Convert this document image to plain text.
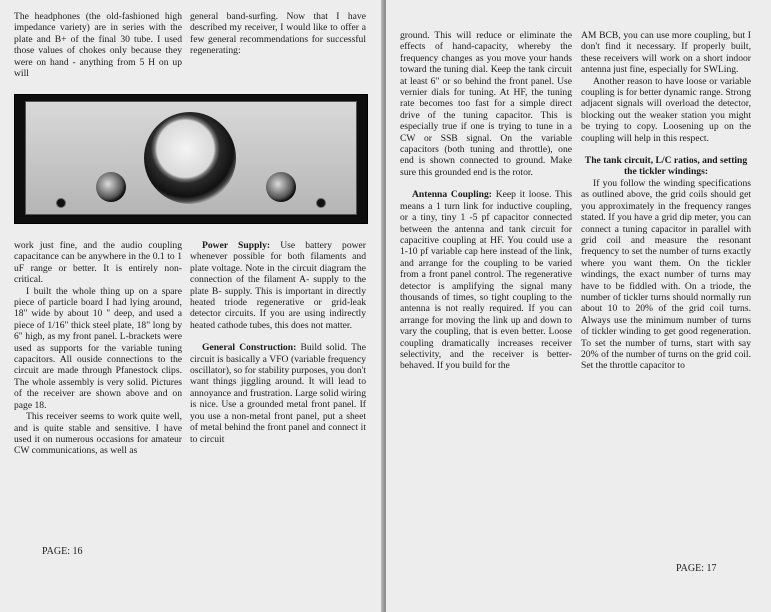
The headphones (the old-fashioned high impedance variety) are in series with the plate and B+ of the final 30 tube. I used those values of chokes only because they were on hand - anything from 5 H on up will

general band-surfing. Now that I have described my receiver, I would like to offer a few general recommendations for successful regenerating:

work just fine, and the audio coupling capacitance can be anywhere in the 0.1 to 1 uF range or better. It is entirely non-critical.

I built the whole thing up on a spare piece of particle board I had lying around, 18" wide by about 10 " deep, and used a piece of 1/16" thick steel plate, 18" long by 6" high, as my front panel. L-brackets were used as supports for the variable tuning capacitors. All ouside connections to the circuit are made through Pfanestock clips. The whole assembly is very solid. Pictures of the receiver are shown above and on page 18.

This receiver seems to work quite well, and is quite stable and sensitive. I have used it on numerous occasions for amateur CW communications, as well as

Power Supply: Use battery power whenever possible for both filaments and plate voltage. Note in the circuit diagram the connection of the filament A- supply to the plate B- supply. This is important in directly heated triode regenerative or grid-leak detector circuits. If you are using indirectly heated cathode tubes, this does not matter.

General Construction: Build solid. The circuit is basically a VFO (variable frequency oscillator), so for stability purposes, you don't want things jiggling around. It will lead to annoyance and frustration. Large solid wiring is nice. Use a grounded metal front panel. If you use a non-metal front panel, put a sheet of metal behind the front panel and connect it to circuit

PAGE: 16

ground. This will reduce or eliminate the effects of hand-capacity, whereby the frequency changes as you move your hands toward the tuning dial. Keep the tank circuit at least 6" or so behind the front panel. Use vernier dials for tuning. At HF, the tuning rate becomes too fast for a simple direct drive of the tuning capacitor. This is especially true if one is trying to tune in a CW or SSB signal. On the variable capacitors (both tuning and throttle), one end is shown connected to ground. Make sure this grounded end is the rotor.

Antenna Coupling: Keep it loose. This means a 1 turn link for inductive coupling, or a tiny, tiny 1 -5 pf capacitor connected between the antenna and tank circuit for capacitive coupling at HF. You could use a 1-10 pf variable cap here instead of the link, and arrange for the coupling to be varied from a front panel control. The regenerative detector is amplifying the signal many thousands of times, so tight coupling to the antenna is not really required. If you can arrange for moving the link up and down to vary the coupling, that is even better. Loose coupling dramatically increases receiver selectivity, and the receiver is better-behaved. If you build for the

AM BCB, you can use more coupling, but I don't find it necessary. If properly built, these receivers will work on a short indoor antenna just fine, especially for SWLing.

Another reason to have loose or variable coupling is for better dynamic range. Strong adjacent signals will overload the detector, blocking out the weaker station you might be trying to copy. Loosening up on the coupling will help in this respect.

The tank circuit, L/C ratios, and setting the tickler windings:

If you follow the winding specifications as outlined above, the grid coils should get you approximately in the frequency ranges stated. If you have a grid dip meter, you can connect a tuning capacitor in parallel with grid coil and measure the resonant frequency to set the number of turns exactly where you want them. On the tickler windings, the exact number of turns may have to be fiddled with. On a triode, the number of tickler turns should normally run about 10 to 20% of the grid coil turns. Always use the minimum number of turns of tickler winding to get good regeneration. To set the number of turns, start with say 20% of the number of turns on the grid coil. Set the throttle capacitor to

PAGE: 17
